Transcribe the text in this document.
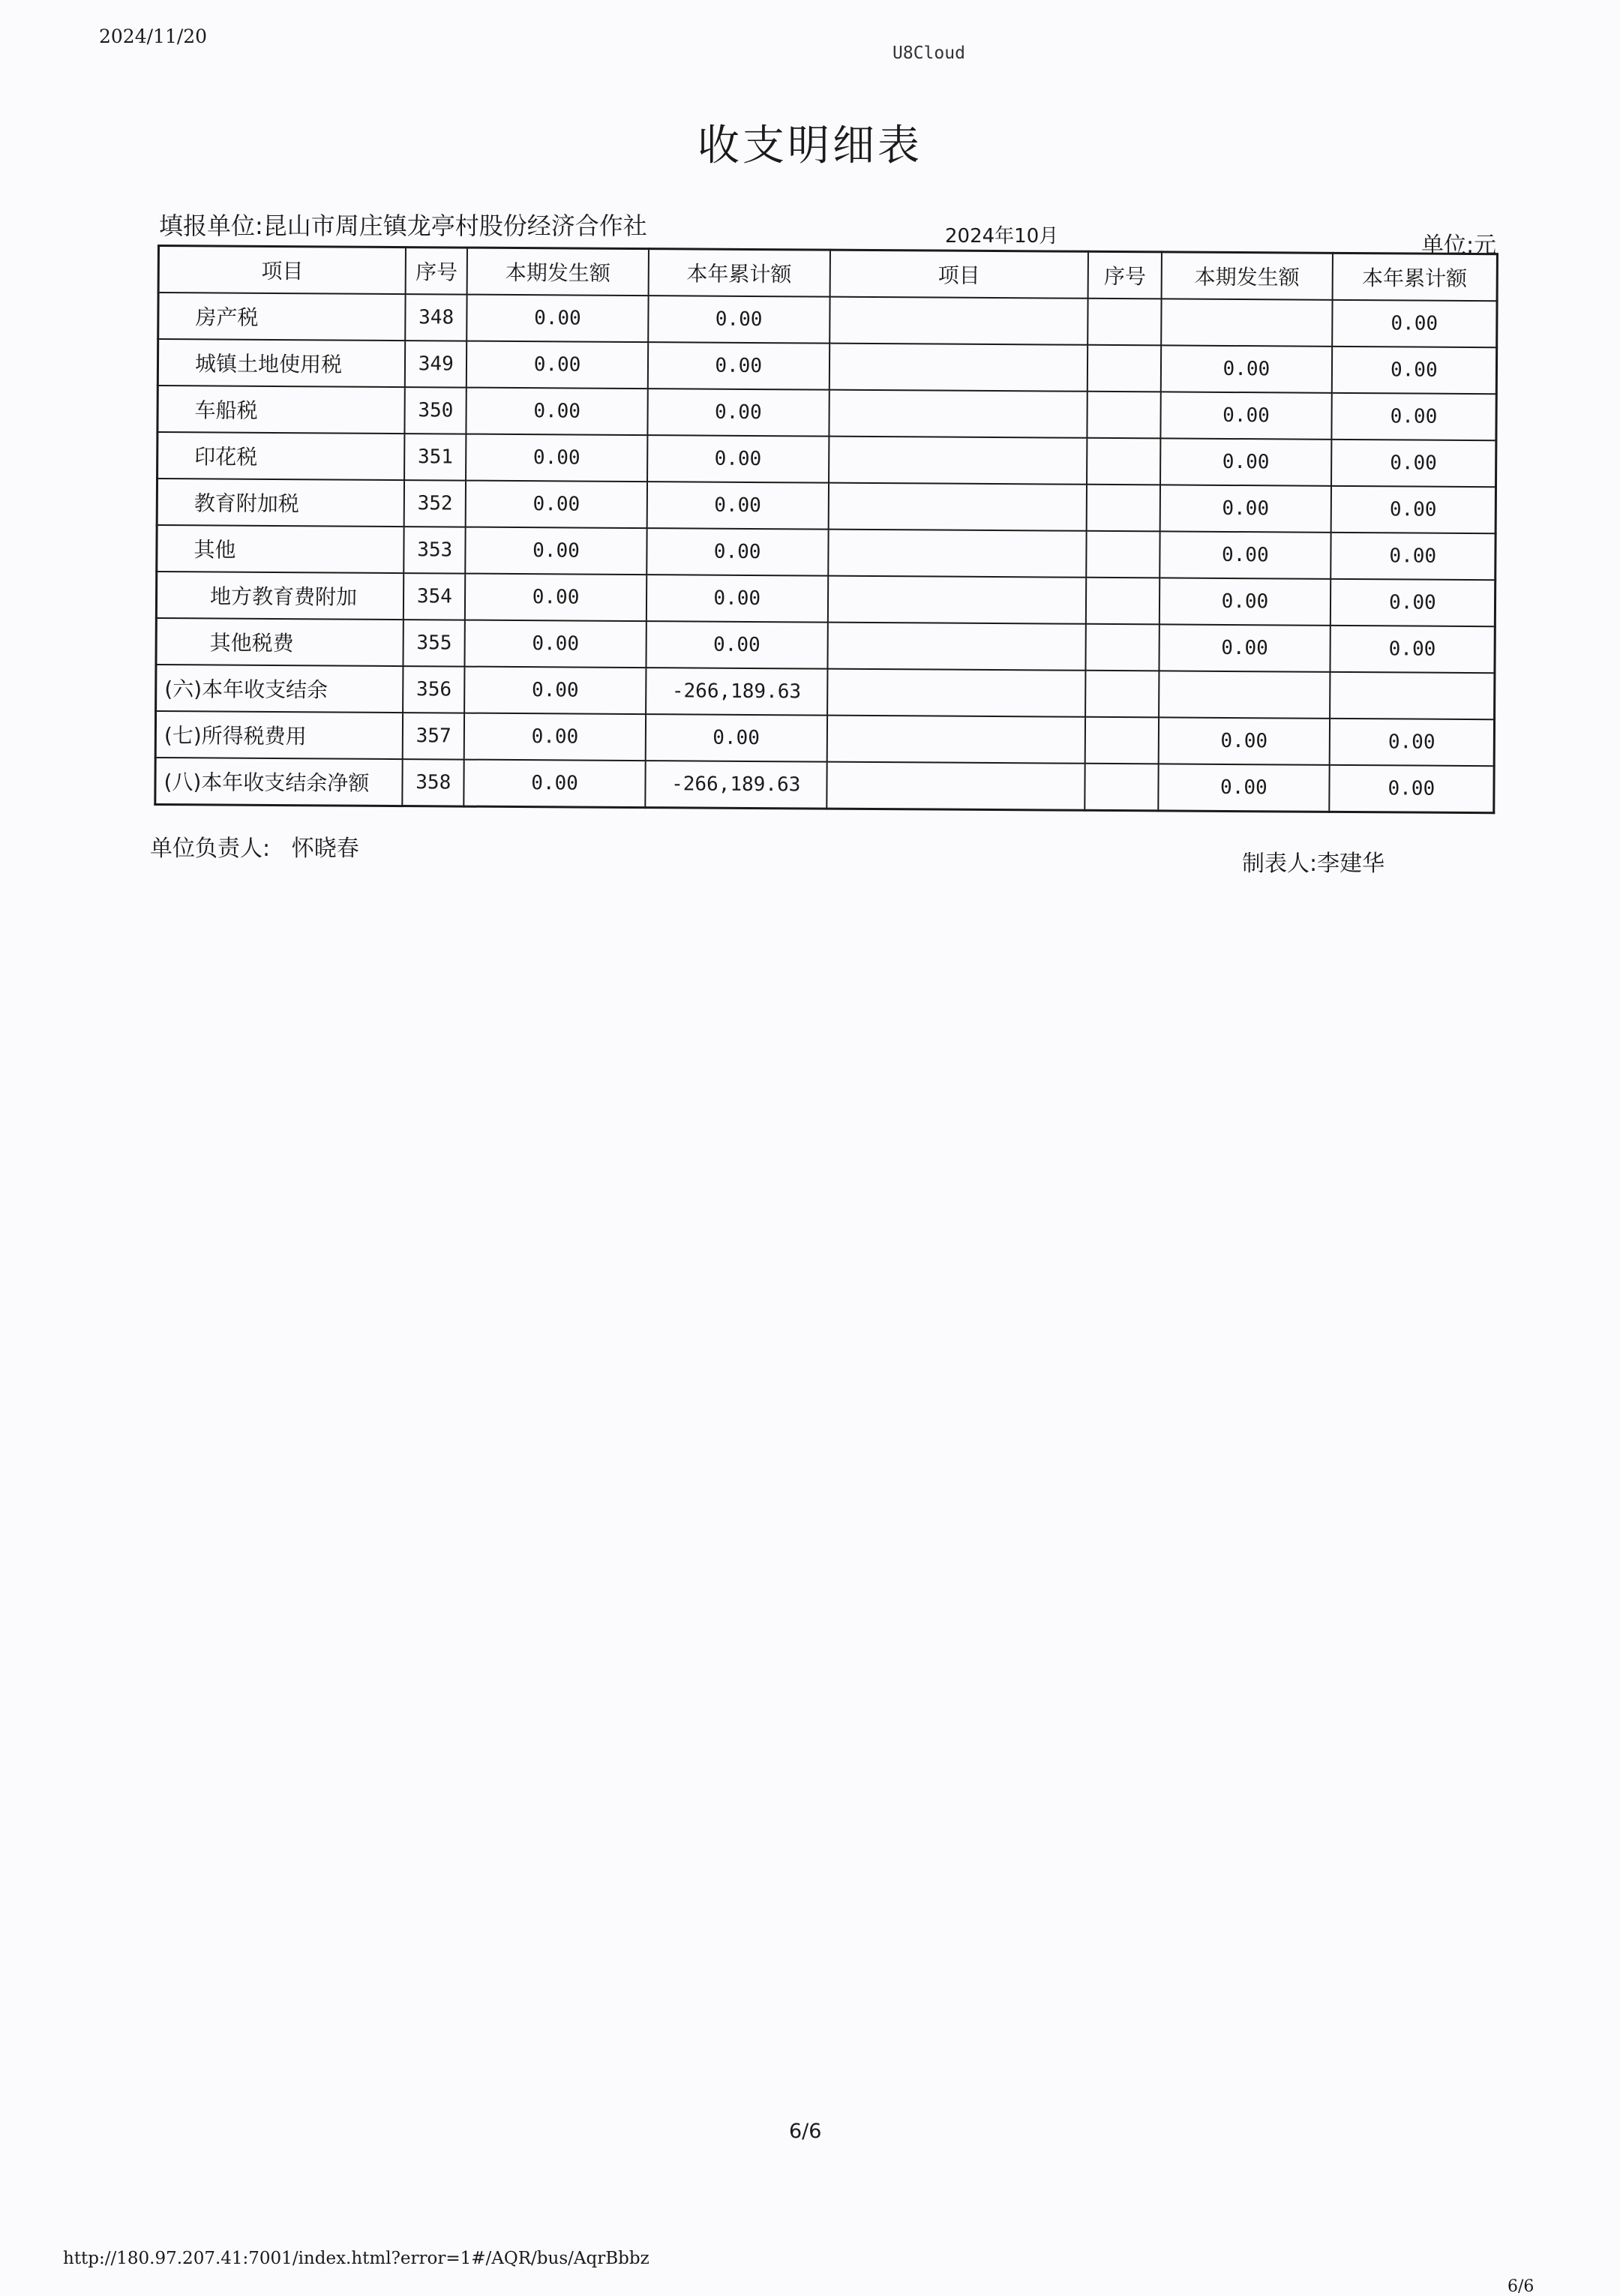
2024/11/20
U8Cloud
收支明细表
填报单位:昆山市周庄镇龙亭村股份经济合作社	2024年10月	单位:元
项目	序号	本期发生额	本年累计额	项目	序号	本期发生额	本年累计额
房产税	348	0.00	0.00				0.00
城镇土地使用税	349	0.00	0.00			0.00	0.00
车船税	350	0.00	0.00			0.00	0.00
印花税	351	0.00	0.00			0.00	0.00
教育附加税	352	0.00	0.00			0.00	0.00
其他	353	0.00	0.00			0.00	0.00
地方教育费附加	354	0.00	0.00			0.00	0.00
其他税费	355	0.00	0.00			0.00	0.00
(六)本年收支结余	356	0.00	-266,189.63				
(七)所得税费用	357	0.00	0.00			0.00	0.00
(八)本年收支结余净额	358	0.00	-266,189.63			0.00	0.00
单位负责人: 怀晓春
制表人:李建华
6/6
http://180.97.207.41:7001/index.html?error=1#/AQR/bus/AqrBbbz
6/6
